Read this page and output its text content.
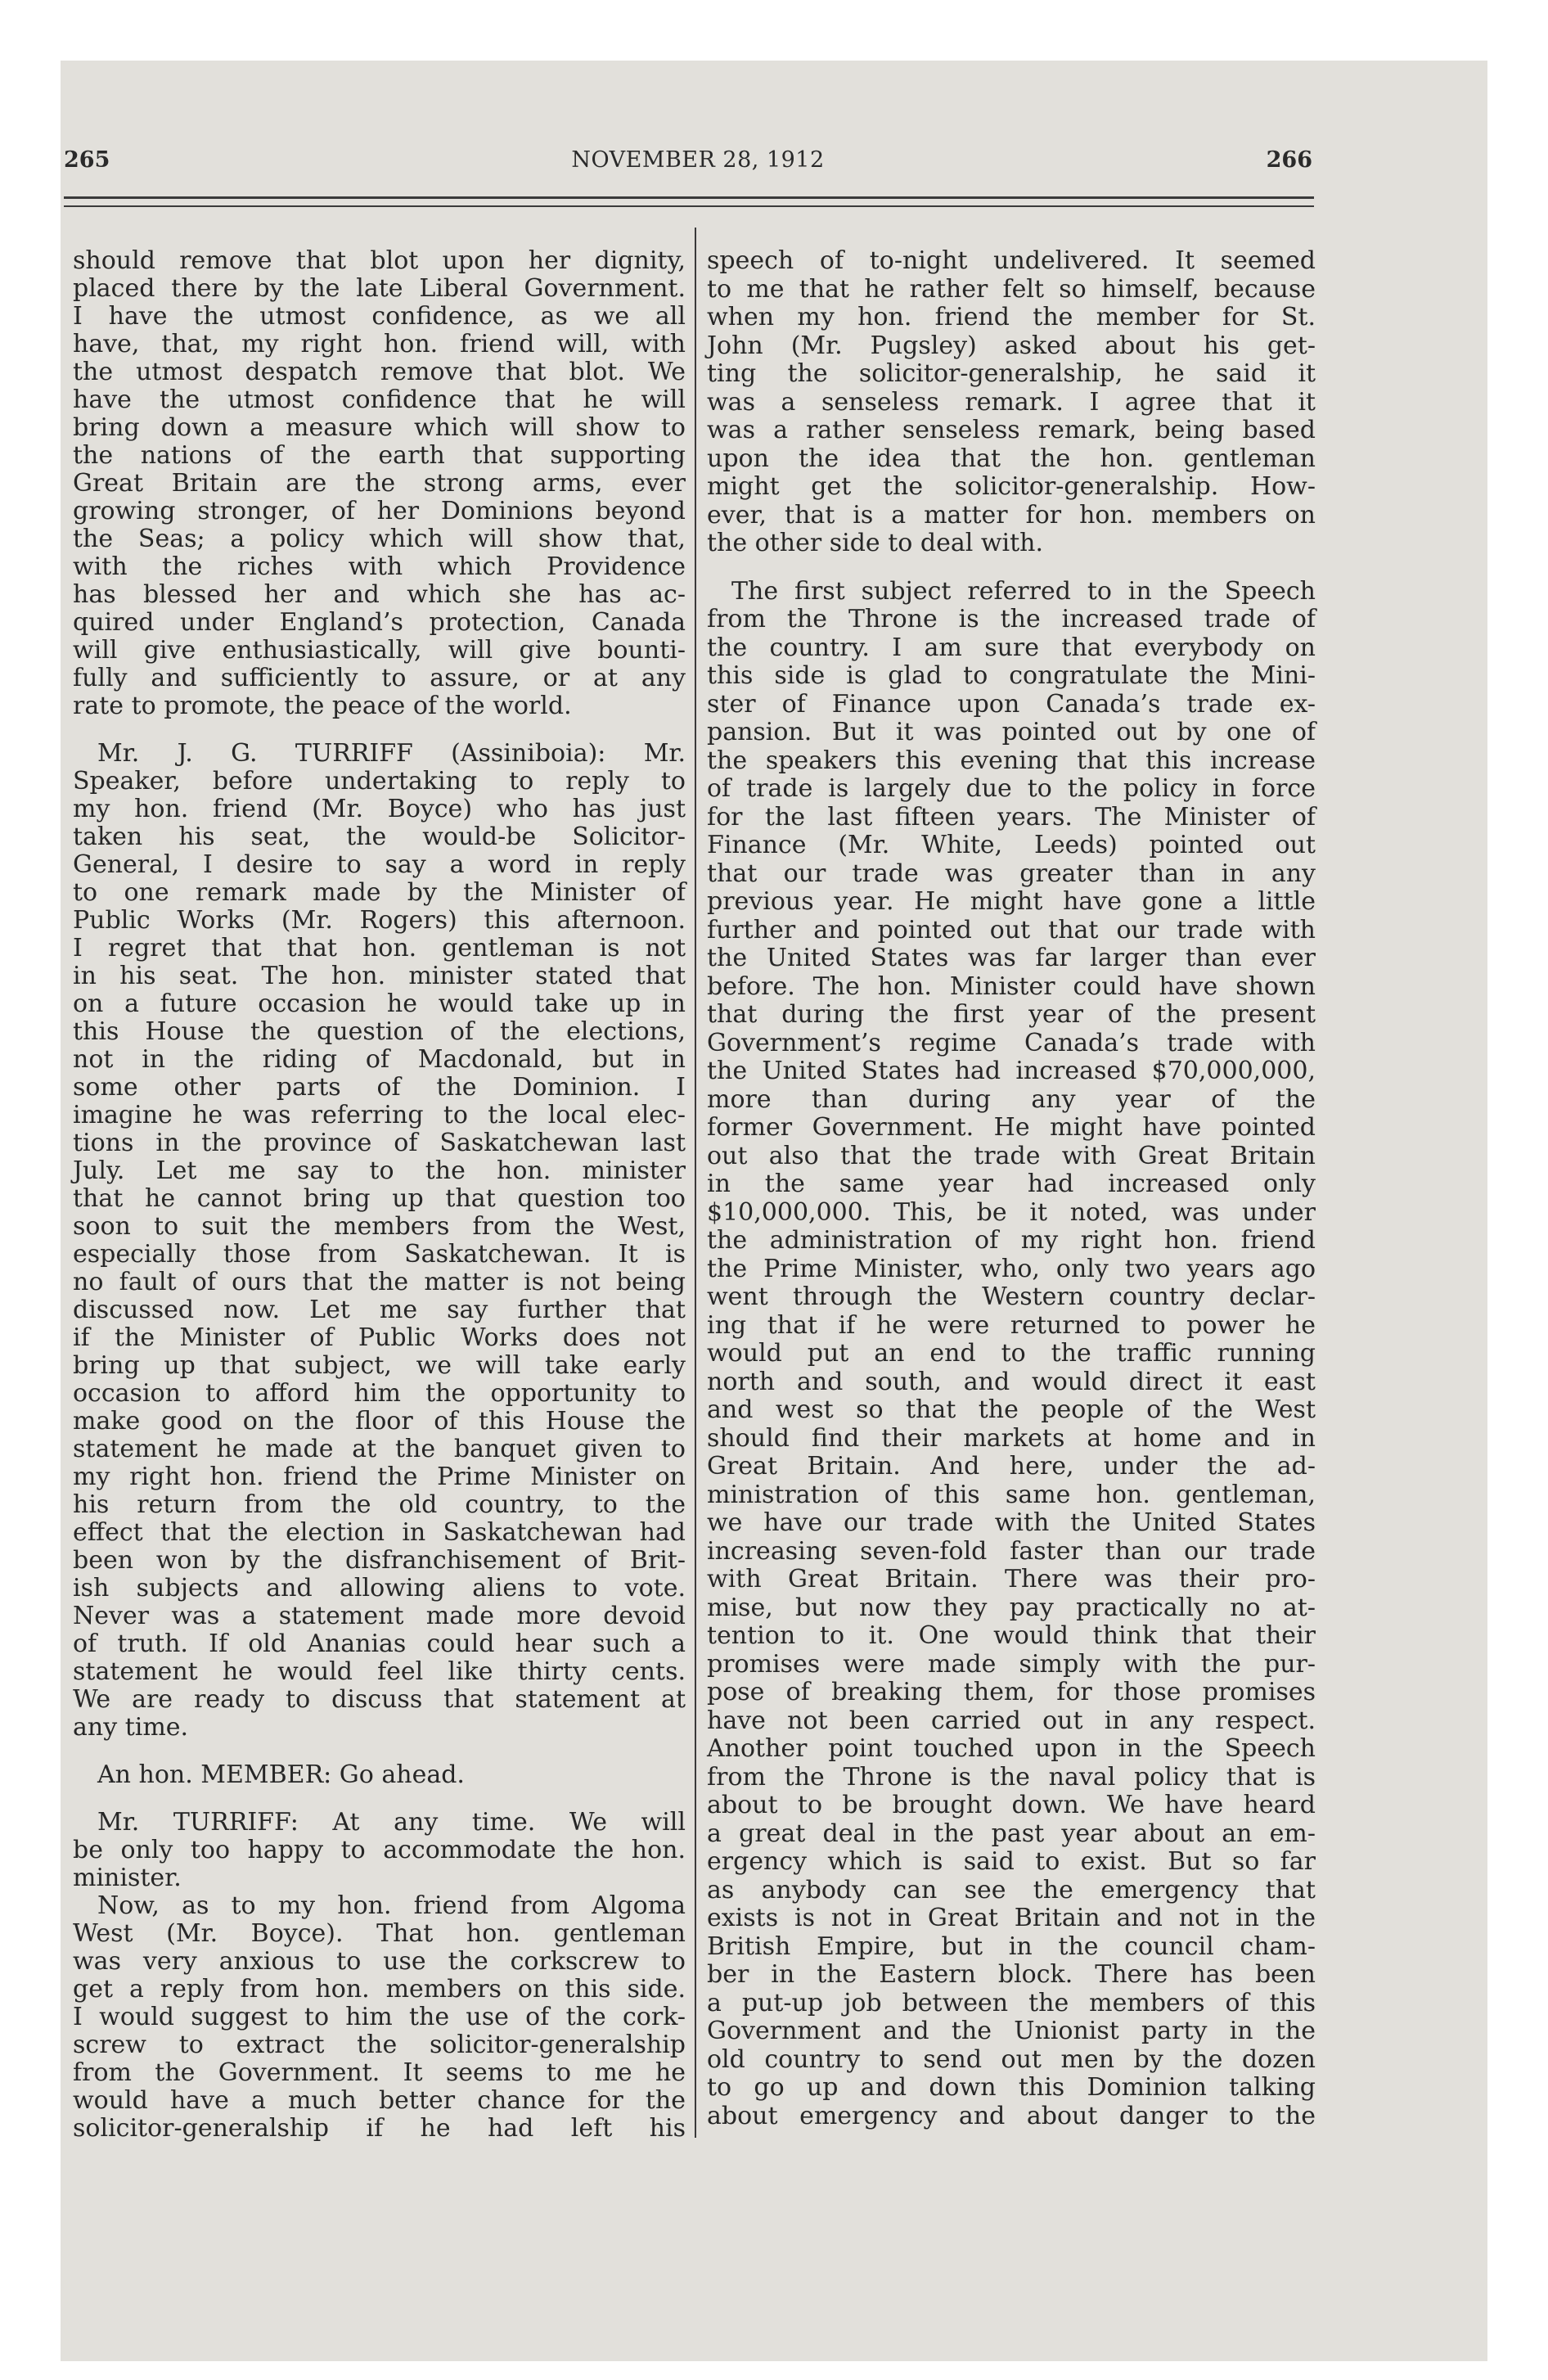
265	NOVEMBER 28, 1912	266
should remove that blot upon her dignity,
placed there by the late Liberal Government.
I have the utmost confidence, as we all
have, that, my right hon. friend will, with
the utmost despatch remove that blot. We
have the utmost confidence that he will
bring down a measure which will show to
the nations of the earth that supporting
Great Britain are the strong arms, ever
growing stronger, of her Dominions beyond
the Seas; a policy which will show that,
with the riches with which Providence
has blessed her and which she has ac-
quired under England’s protection, Canada
will give enthusiastically, will give bounti-
fully and sufficiently to assure, or at any
rate to promote, the peace of the world.
Mr. J. G. TURRIFF (Assiniboia): Mr.
Speaker, before undertaking to reply to
my hon. friend (Mr. Boyce) who has just
taken his seat, the would-be Solicitor-
General, I desire to say a word in reply
to one remark made by the Minister of
Public Works (Mr. Rogers) this afternoon.
I regret that that hon. gentleman is not
in his seat. The hon. minister stated that
on a future occasion he would take up in
this House the question of the elections,
not in the riding of Macdonald, but in
some other parts of the Dominion. I
imagine he was referring to the local elec-
tions in the province of Saskatchewan last
July. Let me say to the hon. minister
that he cannot bring up that question too
soon to suit the members from the West,
especially those from Saskatchewan. It is
no fault of ours that the matter is not being
discussed now. Let me say further that
if the Minister of Public Works does not
bring up that subject, we will take early
occasion to afford him the opportunity to
make good on the floor of this House the
statement he made at the banquet given to
my right hon. friend the Prime Minister on
his return from the old country, to the
effect that the election in Saskatchewan had
been won by the disfranchisement of Brit-
ish subjects and allowing aliens to vote.
Never was a statement made more devoid
of truth. If old Ananias could hear such a
statement he would feel like thirty cents.
We are ready to discuss that statement at
any time.
An hon. MEMBER: Go ahead.
Mr. TURRIFF: At any time. We will
be only too happy to accommodate the hon.
minister.
Now, as to my hon. friend from Algoma
West (Mr. Boyce). That hon. gentleman
was very anxious to use the corkscrew to
get a reply from hon. members on this side.
I would suggest to him the use of the cork-
screw to extract the solicitor-generalship
from the Government. It seems to me he
would have a much better chance for the
solicitor-generalship if he had left his
speech of to-night undelivered. It seemed
to me that he rather felt so himself, because
when my hon. friend the member for St.
John (Mr. Pugsley) asked about his get-
ting the solicitor-generalship, he said it
was a senseless remark. I agree that it
was a rather senseless remark, being based
upon the idea that the hon. gentleman
might get the solicitor-generalship. How-
ever, that is a matter for hon. members on
the other side to deal with.
The first subject referred to in the Speech
from the Throne is the increased trade of
the country. I am sure that everybody on
this side is glad to congratulate the Mini-
ster of Finance upon Canada’s trade ex-
pansion. But it was pointed out by one of
the speakers this evening that this increase
of trade is largely due to the policy in force
for the last fifteen years. The Minister of
Finance (Mr. White, Leeds) pointed out
that our trade was greater than in any
previous year. He might have gone a little
further and pointed out that our trade with
the United States was far larger than ever
before. The hon. Minister could have shown
that during the first year of the present
Government’s regime Canada’s trade with
the United States had increased $70,000,000,
more than during any year of the
former Government. He might have pointed
out also that the trade with Great Britain
in the same year had increased only
$10,000,000. This, be it noted, was under
the administration of my right hon. friend
the Prime Minister, who, only two years ago
went through the Western country declar-
ing that if he were returned to power he
would put an end to the traffic running
north and south, and would direct it east
and west so that the people of the West
should find their markets at home and in
Great Britain. And here, under the ad-
ministration of this same hon. gentleman,
we have our trade with the United States
increasing seven-fold faster than our trade
with Great Britain. There was their pro-
mise, but now they pay practically no at-
tention to it. One would think that their
promises were made simply with the pur-
pose of breaking them, for those promises
have not been carried out in any respect.
Another point touched upon in the Speech
from the Throne is the naval policy that is
about to be brought down. We have heard
a great deal in the past year about an em-
ergency which is said to exist. But so far
as anybody can see the emergency that
exists is not in Great Britain and not in the
British Empire, but in the council cham-
ber in the Eastern block. There has been
a put-up job between the members of this
Government and the Unionist party in the
old country to send out men by the dozen
to go up and down this Dominion talking
about emergency and about danger to the
